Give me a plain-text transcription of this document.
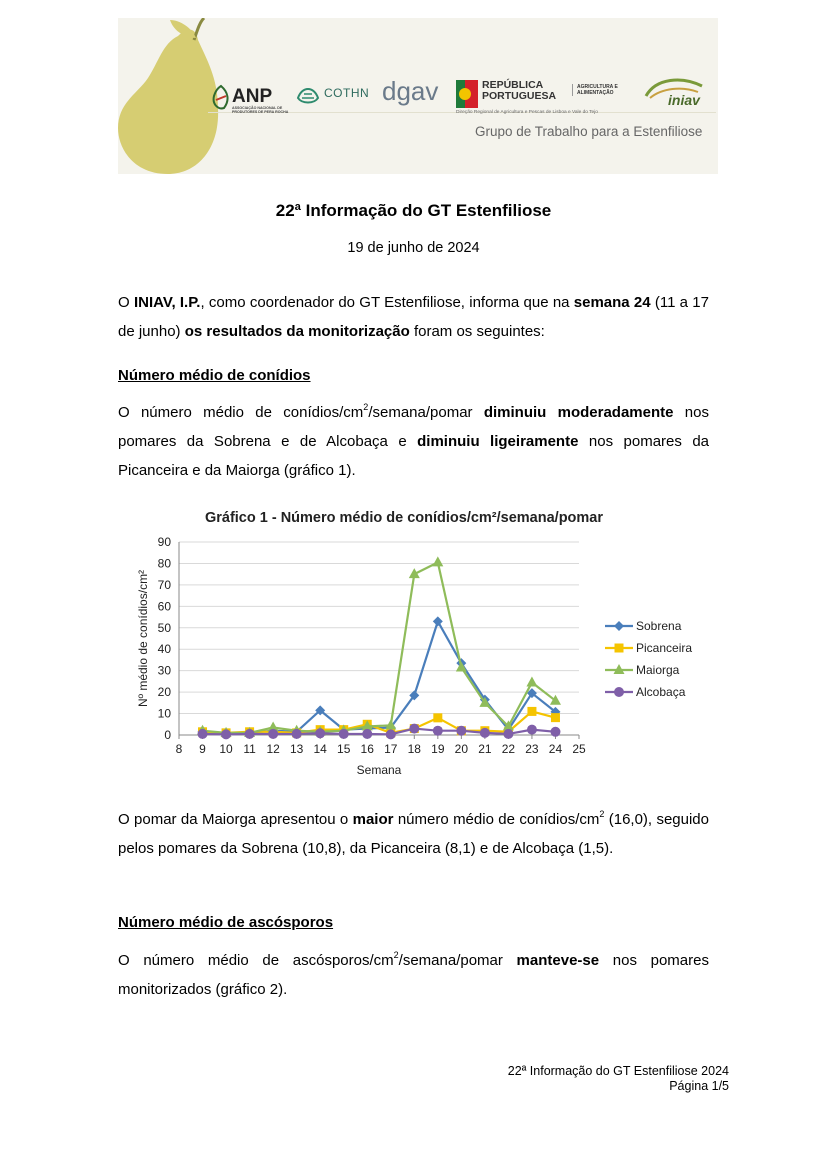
ANP
ASSOCIAÇÃO NACIONAL DE PRODUTORES DE PERA ROCHA
COTHN dgav	REPÚBLICA PORTUGUESA
AGRICULTURA E ALIMENTAÇÃO
Direção Regional de Agricultura e Pescas de Lisboa e Vale do Tejo
iniav
Grupo de Trabalho para a Estenfiliose
22ª Informação do GT Estenfiliose
19 de junho de 2024
O INIAV, I.P., como coordenador do GT Estenfiliose, informa que na semana 24 (11 a 17 de junho) os resultados da monitorização foram os seguintes:
Número médio de conídios
O número médio de conídios/$cm^2/semana$/pomar diminuiu moderadamente nos pomares da Sobrena e de Alcobaça e diminuiu ligeiramente nos pomares da Picanceira e da Maiorga (gráfico 1).
Gráfico 1 - Número médio de conídios/cm²/semana/pomar
0
10
20
30
40
50
60
70
80
90
8 9 10 11 12 13 14 15 16 17 18 19 20 21 22 23 24 25
Semana
Nº médio de conídios/cm²	Sobrena
Picanceira
Maiorga
Alcobaça
O pomar da Maiorga apresentou o maior número médio de conídios/$cm^2$ (16,0), seguido pelos pomares da Sobrena (10,8), da Picanceira (8,1) e de Alcobaça (1,5).
Número médio de ascósporos
O número médio de ascósporos/$cm^2/semana$/pomar manteve-se nos pomares monitorizados (gráfico 2).
22ª Informação do GT Estenfiliose 2024
Página 1/5
